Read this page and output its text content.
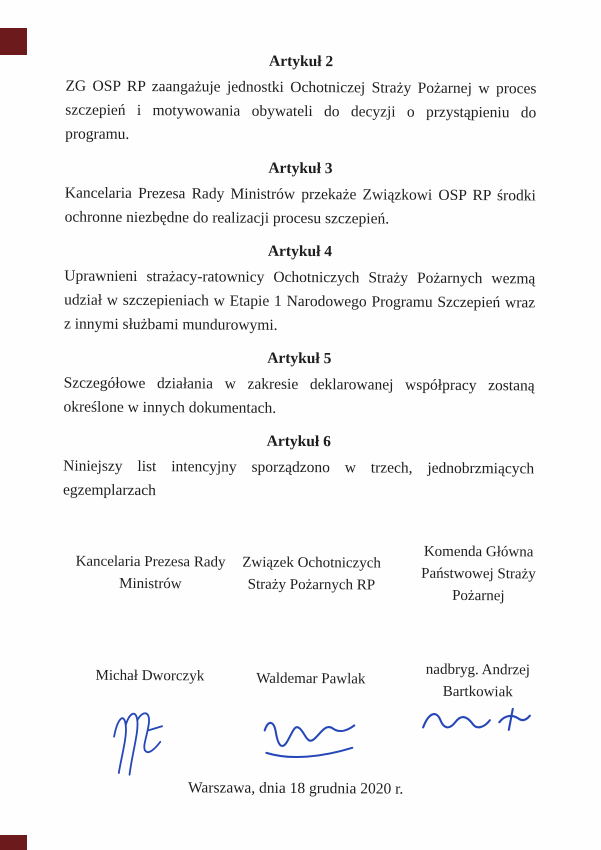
Artykuł 2

ZG OSP RP zaangażuje jednostki Ochotniczej Straży Pożarnej w proces szczepień i motywowania obywateli do decyzji o przystąpieniu do programu.

Artykuł 3

Kancelaria Prezesa Rady Ministrów przekaże Związkowi OSP RP środki ochronne niezbędne do realizacji procesu szczepień.

Artykuł 4

Uprawnieni strażacy-ratownicy Ochotniczych Straży Pożarnych wezmą udział w szczepieniach w Etapie 1 Narodowego Programu Szczepień wraz z innymi służbami mundurowymi.

Artykuł 5

Szczegółowe działania w zakresie deklarowanej współpracy zostaną określone w innych dokumentach.

Artykuł 6

Niniejszy list intencyjny sporządzono w trzech, jednobrzmiących egzemplarzach

Kancelaria Prezesa Rady Ministrów
Związek Ochotniczych Straży Pożarnych RP
Komenda Główna Państwowej Straży Pożarnej
Michał Dworczyk	Waldemar Pawlak
nadbryg. Andrzej Bartkowiak
Warszawa, dnia 18 grudnia 2020 r.
